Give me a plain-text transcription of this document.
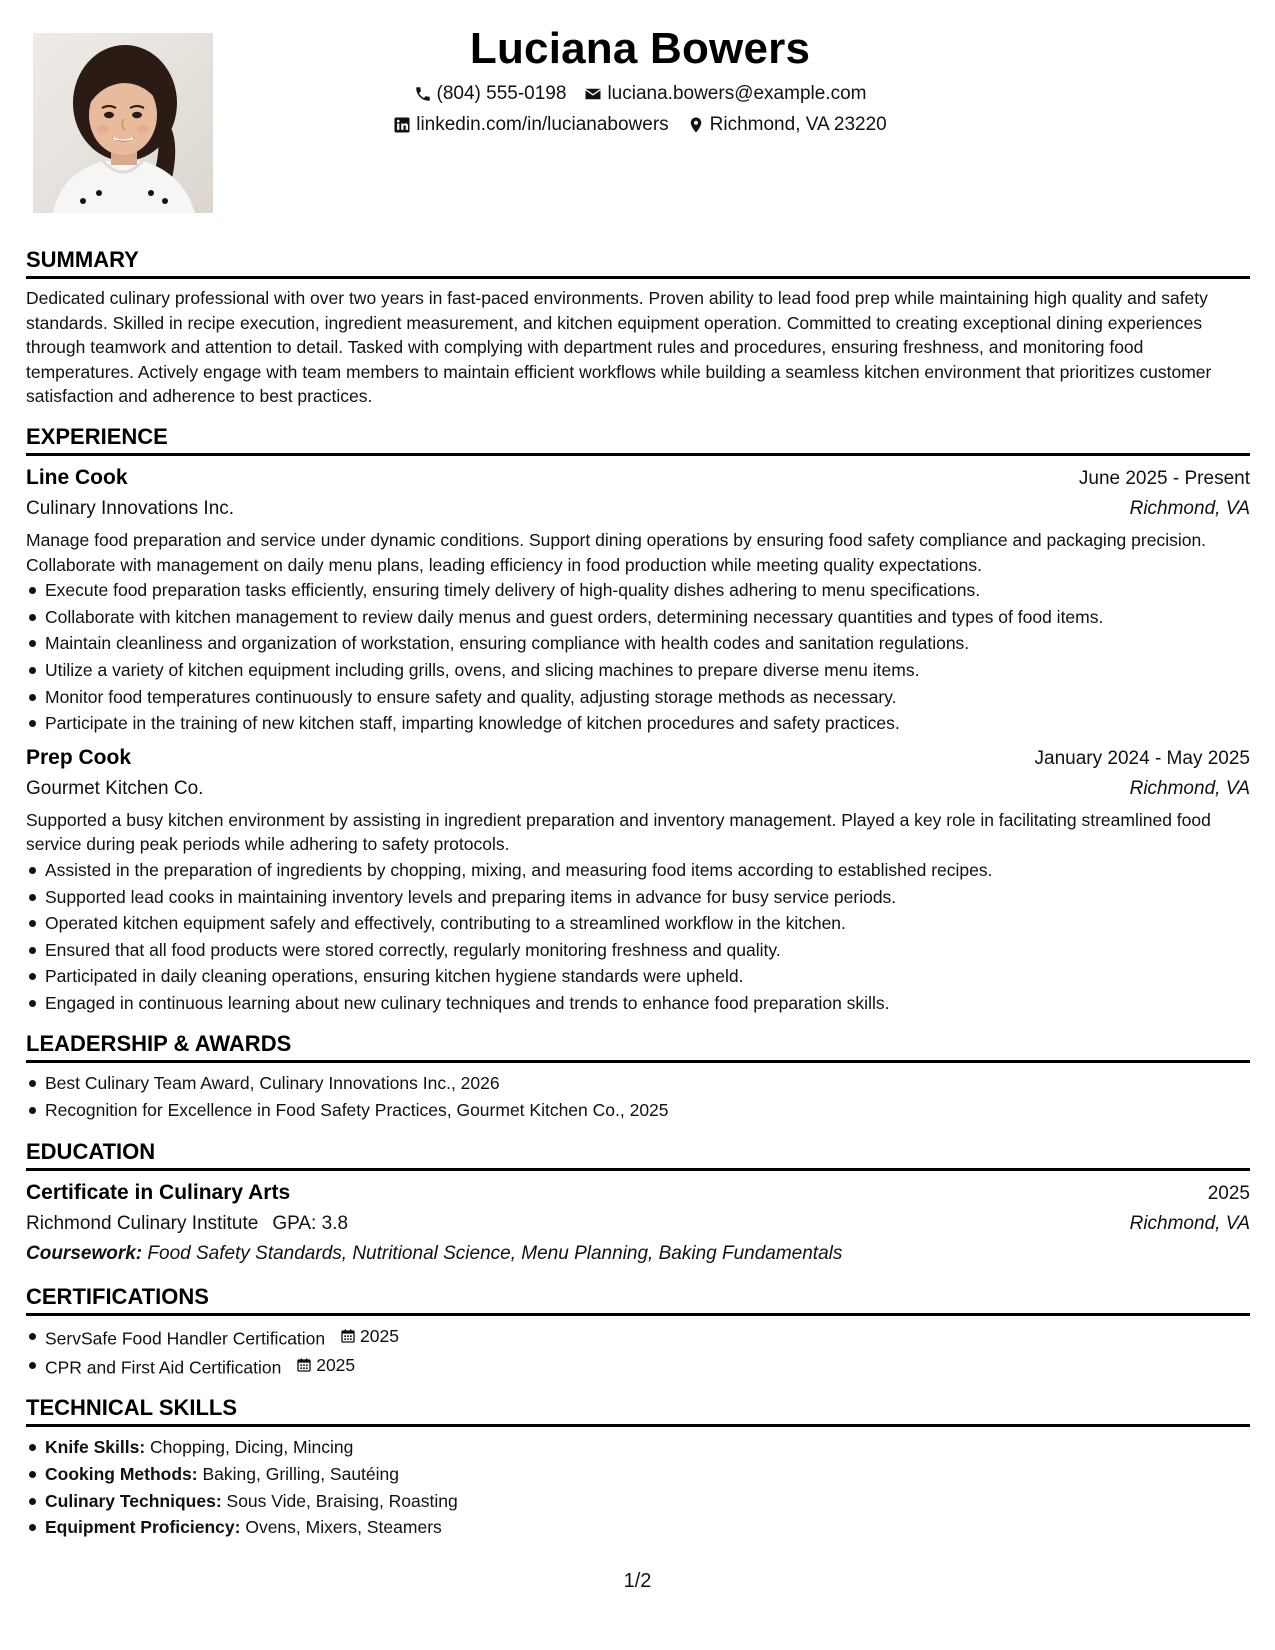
Luciana Bowers
(804) 555-0198 luciana.bowers@example.com
linkedin.com/in/lucianabowers Richmond, VA 23220
SUMMARY
Dedicated culinary professional with over two years in fast-paced environments. Proven ability to lead food prep while maintaining high quality and safety standards. Skilled in recipe execution, ingredient measurement, and kitchen equipment operation. Committed to creating exceptional dining experiences through teamwork and attention to detail. Tasked with complying with department rules and procedures, ensuring freshness, and monitoring food temperatures. Actively engage with team members to maintain efficient workflows while building a seamless kitchen environment that prioritizes customer satisfaction and adherence to best practices.
EXPERIENCE
Line Cook	June 2025 - Present
Culinary Innovations Inc.	Richmond, VA
Manage food preparation and service under dynamic conditions. Support dining operations by ensuring food safety compliance and packaging precision. Collaborate with management on daily menu plans, leading efficiency in food production while meeting quality expectations.
Execute food preparation tasks efficiently, ensuring timely delivery of high-quality dishes adhering to menu specifications.
Collaborate with kitchen management to review daily menus and guest orders, determining necessary quantities and types of food items.
Maintain cleanliness and organization of workstation, ensuring compliance with health codes and sanitation regulations.
Utilize a variety of kitchen equipment including grills, ovens, and slicing machines to prepare diverse menu items.
Monitor food temperatures continuously to ensure safety and quality, adjusting storage methods as necessary.
Participate in the training of new kitchen staff, imparting knowledge of kitchen procedures and safety practices.
Prep Cook	January 2024 - May 2025
Gourmet Kitchen Co.	Richmond, VA
Supported a busy kitchen environment by assisting in ingredient preparation and inventory management. Played a key role in facilitating streamlined food service during peak periods while adhering to safety protocols.
Assisted in the preparation of ingredients by chopping, mixing, and measuring food items according to established recipes.
Supported lead cooks in maintaining inventory levels and preparing items in advance for busy service periods.
Operated kitchen equipment safely and effectively, contributing to a streamlined workflow in the kitchen.
Ensured that all food products were stored correctly, regularly monitoring freshness and quality.
Participated in daily cleaning operations, ensuring kitchen hygiene standards were upheld.
Engaged in continuous learning about new culinary techniques and trends to enhance food preparation skills.
LEADERSHIP & AWARDS
Best Culinary Team Award, Culinary Innovations Inc., 2026
Recognition for Excellence in Food Safety Practices, Gourmet Kitchen Co., 2025
EDUCATION
Certificate in Culinary Arts	2025
Richmond Culinary Institute GPA: 3.8	Richmond, VA
Coursework: Food Safety Standards, Nutritional Science, Menu Planning, Baking Fundamentals
CERTIFICATIONS
ServSafe Food Handler Certification 2025
CPR and First Aid Certification 2025
TECHNICAL SKILLS
Knife Skills: Chopping, Dicing, Mincing
Cooking Methods: Baking, Grilling, Sautéing
Culinary Techniques: Sous Vide, Braising, Roasting
Equipment Proficiency: Ovens, Mixers, Steamers
1/2
